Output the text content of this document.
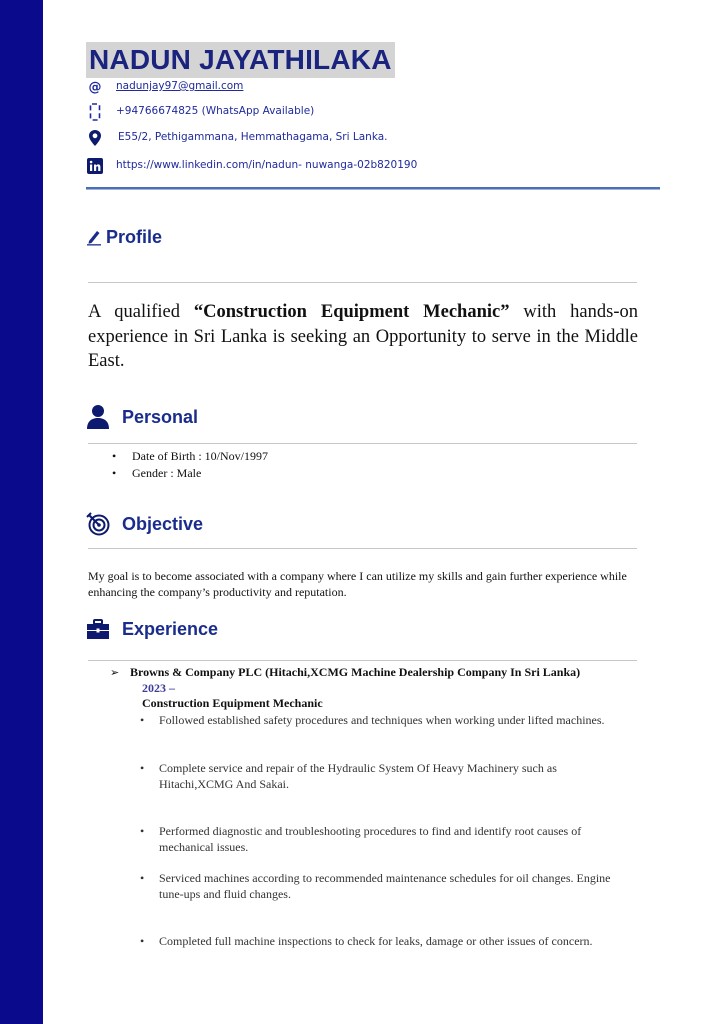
NADUN JAYATHILAKA
@ nadunjay97@gmail.com
+94766674825 (WhatsApp Available)
E55/2, Pethigammana, Hemmathagama, Sri Lanka.
https://www.linkedin.com/in/nadun- nuwanga-02b820190
Profile
A qualified “Construction Equipment Mechanic” with hands-on experience in Sri Lanka is seeking an Opportunity to serve in the Middle East.
Personal
• Date of Birth : 10/Nov/1997
• Gender : Male
Objective
My goal is to become associated with a company where I can utilize my skills and gain further experience while enhancing the company’s productivity and reputation.
Experience
➢ Browns & Company PLC (Hitachi,XCMG Machine Dealership Company In Sri Lanka)
2023 –
Construction Equipment Mechanic
• Followed established safety procedures and techniques when working under lifted machines.
• Complete service and repair of the Hydraulic System Of Heavy Machinery such as Hitachi,XCMG And Sakai.
• Performed diagnostic and troubleshooting procedures to find and identify root causes of mechanical issues.
• Serviced machines according to recommended maintenance schedules for oil changes. Engine tune-ups and fluid changes.
• Completed full machine inspections to check for leaks, damage or other issues of concern.
